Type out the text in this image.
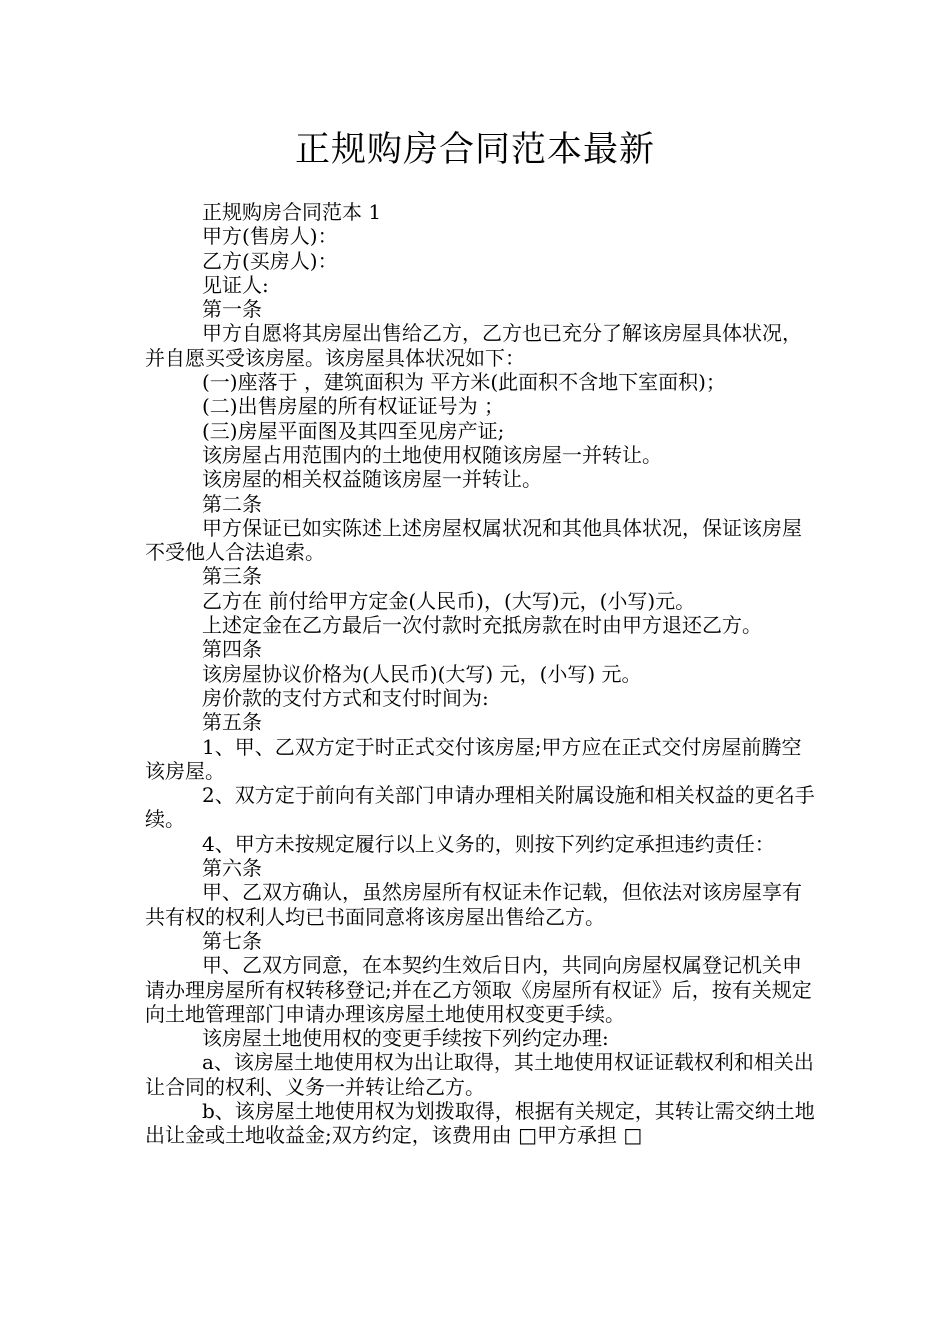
正规购房合同范本最新

正规购房合同范本 1

甲方(售房人)：

乙方(买房人)：

见证人:

第一条

甲方自愿将其房屋出售给乙方，乙方也已充分了解该房屋具体状况，并自愿买受该房屋。该房屋具体状况如下：

(一)座落于 ，建筑面积为 平方米(此面积不含地下室面积)；

(二)出售房屋的所有权证证号为 ；

(三)房屋平面图及其四至见房产证;

该房屋占用范围内的土地使用权随该房屋一并转让。

该房屋的相关权益随该房屋一并转让。

第二条

甲方保证已如实陈述上述房屋权属状况和其他具体状况，保证该房屋不受他人合法追索。

第三条

乙方在 前付给甲方定金(人民币)，(大写)元，(小写)元。

上述定金在乙方最后一次付款时充抵房款在时由甲方退还乙方。

第四条

该房屋协议价格为(人民币)(大写) 元，(小写) 元。

房价款的支付方式和支付时间为:

第五条

1、甲、乙双方定于时正式交付该房屋;甲方应在正式交付房屋前腾空该房屋。

2、双方定于前向有关部门申请办理相关附属设施和相关权益的更名手续。

4、甲方未按规定履行以上义务的，则按下列约定承担违约责任：

第六条

甲、乙双方确认，虽然房屋所有权证未作记载，但依法对该房屋享有共有权的权利人均已书面同意将该房屋出售给乙方。

第七条

甲、乙双方同意，在本契约生效后日内，共同向房屋权属登记机关申请办理房屋所有权转移登记;并在乙方领取《房屋所有权证》后，按有关规定向土地管理部门申请办理该房屋土地使用权变更手续。

该房屋土地使用权的变更手续按下列约定办理:

a、该房屋土地使用权为出让取得，其土地使用权证证载权利和相关出让合同的权利、义务一并转让给乙方。

b、该房屋土地使用权为划拨取得，根据有关规定，其转让需交纳土地出让金或土地收益金;双方约定，该费用由 □甲方承担 □
